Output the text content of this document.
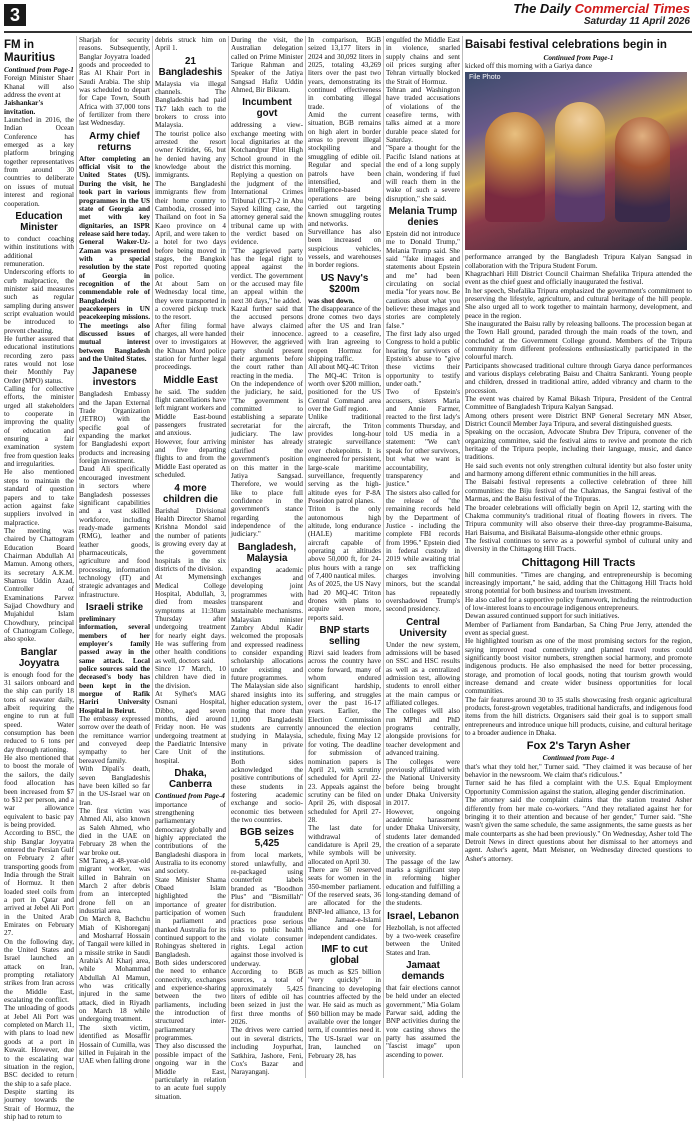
3	The Daily Commercial Times
Saturday 11 April 2026
FM in Mauritius

Continued from Page-1

Foreign Minister Shaer Khanal will also address the event at

Jaishankar's invitation.

Launched in 2016, the Indian Ocean Conference has emerged as a key platform bringing together representatives from around 30 countries to deliberate on issues of mutual interest and regional cooperation.

Education Minister

to conduct coaching within institutions with additional remuneration. Underscoring efforts to curb malpractice, the minister said measures such as regular sampling during answer script evaluation would be introduced to prevent cheating.

He further assured that educational institutions recording zero pass rates would not lose their Monthly Pay Order (MPO) status.

Calling for collective efforts, the minister urged all stakeholders to cooperate in improving the quality of education and ensuring a fair examination system free from question leaks and irregularities.

He also mentioned steps to maintain the standard of question papers and to take action against fake suppliers involved in malpractice.

The meeting was chaired by Chattogram Education Board Chairman Abdullah Al Mamun. Among others, its secretary A.K.M. Shamsu Uddin Azad, Controller of Examinations Parvez Sajjad Chowdhury and Mujahidul Islam Chowdhury, principal of Chattogram College, also spoke.

Banglar Joyyatra

is enough food for the 31 sailors onboard and the ship can purify 18 tons of seawater daily, albeit requiring the engine to run at full speed. Water consumption has been reduced to 6 tons per day through rationing.

He also mentioned that to boost the morale of the sailors, the daily food allocation has been increased from $7 to $12 per person, and a war allowance equivalent to basic pay is being provided.

According to BSC, the ship Banglar Joyyatra entered the Persian Gulf on February 2 after transporting goods from India through the Strait of Hormuz. It then loaded steel coils from a port in Qatar and arrived at Jebel Ali Port in the United Arab Emirates on February 27.

On the following day, the United States and Israel launched an attack on Iran, prompting retaliatory strikes from Iran across the Middle East, escalating the conflict.

The unloading of goods at Jebel Ali Port was completed on March 11, with plans to load new goods at a port in Kuwait. However, due to the escalating war situation in the region, BSC decided to return the ship to a safe place.

Despite starting its journey towards the Strait of Hormuz, the ship had to return to

Sharjah for security reasons. Subsequently, Banglar Joyyatra loaded goods and proceeded to Ras Al Khair Port in Saudi Arabia. The ship was scheduled to depart for Cape Town, South Africa with 37,000 tons of fertilizer from there last Wednesday.

Army chief returns

After completing an official visit to the United States (US). During the visit, he took part in various programmes in the US state of Georgia and met with key dignitaries, an ISPR release said here today. General Waker-Uz-Zaman was presented with a special resolution by the state of Georgia in recognition of the commendable role of Bangladeshi peacekeepers in UN peacekeeping missions. The meetings also discussed issues of mutual interest between Bangladesh and the United States.

Japanese investors

Bangladesh Embassy and the Japan External Trade Organization (JETRO) with the specific goal of expanding the market for Bangladeshi export products and increasing foreign investment.

Daud Ali specifically encouraged investment in sectors where Bangladesh possesses significant capabilities and a vast skilled workforce, including ready-made garments (RMG), leather and leather goods, pharmaceuticals, agriculture and food processing, information technology (IT) and strategic advantages and infrastructure.

Israeli strike

preliminary information, several members of her employer's family passed away in the same attack. Local police sources said the deceased's body has been kept in the morgue of Rafik Hariri University Hospital in Beirut.

The embassy expressed sorrow over the death of the remittance warrior and conveyed deep sympathy to her bereaved family.

With Dipali's death, seven Bangladeshis have been killed so far in the US-Israel war on Iran.

The first victim was Ahmed Ali, also known as Saleh Ahmed, who died in the UAE on February 28 when the war broke out.

SM Tareq, a 48-year-old migrant worker, was killed in Bahrain on March 2 after debris from an intercepted drone fell on an industrial area.

On March 8, Bachchu Miah of Kishoreganj and Mosharraf Hossain of Tangail were killed in a missile strike in Saudi Arabia's Al Kharj area, while Mohammad Abdullah Al Mamun, who was critically injured in the same attack, died in Riyadh on March 18 while undergoing treatment.

The sixth victim, identified as Mosaffir Hossain of Cumilla, was killed in Fujairah in the UAE when falling drone

debris struck him on April 1.

21 Bangladeshis

Malaysia via illegal channels. The Bangladeshis had paid Tk7 lakh each to the brokers to cross into Malaysia.

The tourist police also arrested the resort owner Kritidet, 66, but he denied having any knowledge about the immigrants.

The Bangladeshi immigrants flew from their home country to Cambodia, crossed into Thailand on foot in Sa Kaeo province on 4 April, and were taken to a hotel for two days before being moved in stages, the Bangkok Post reported quoting police.

At about 5am on Wednesday local time, they were transported in a covered pickup truck to the resort.

After filing formal charges, all were handed over to investigators at the Khuan Mord police station for further legal proceedings.

Middle East

he said. The sudden flight cancellations have left migrant workers and Middle East-bound passengers frustrated and anxious.

However, four arriving and five departing flights to and from the Middle East operated as scheduled.

4 more children die

Barishal Divisional Health Director Shamol Krishna Mondol said the number of patients is growing every day at the government hospitals in the six districts of the division.

At Mymensingh Medical College Hospital, Abdullah, 3, died from measles symptoms at 11:30am Thursday after undergoing treatment for nearly eight days. He was suffering from other health conditions as well, doctors said.

Since 17 March, 10 children have died in the division.

At Sylhet's MAG Osmani Hospital, Dibbo, aged seven months, died around Friday noon. He was undergoing treatment at the Paediatric Intensive Care Unit of the hospital.

Dhaka, Canberra

Continued from Page-4

importance of strengthening parliamentary democracy globally and highly appreciated the contributions of the Bangladeshi diaspora in Australia to its economy and society.

State Minister Shama Obaed Islam highlighted the importance of greater participation of women in parliament and thanked Australia for its continued support to the Rohingyas sheltered in Bangladesh.

Both sides underscored the need to enhance connectivity, exchanges and experience-sharing between the two parliaments, including the introduction of structured inter-parliamentary programmes.

They also discussed the possible impact of the ongoing war in the Middle East, particularly in relation to an acute fuel supply situation.

During the visit, the Australian delegation called on Prime Minister Tarique Rahman and Speaker of the Jatiya Sangsad Hafiz Uddin Ahmed, Bir Bikram.

Incumbent govt

addressing a view-exchange meeting with local dignitaries at the Kotchandpur Pilot High School ground in the district this morning.

Replying a question on the judgment of the International Crimes Tribunal (ICT)-2 in Abu Sayed killing case, the attorney general said the tribunal came up with the verdict based on evidence.

"The aggrieved party has the legal right to appeal against the verdict. The government or the accused may file an appeal within the next 30 days," he added.

Kazal further said that the accused persons have always claimed their innocence. However, the aggrieved party should present their arguments before the court rather than reacting in the media.

On the independence of the judiciary, he said, "The government is committed to establishing a separate secretariat for the judiciary. The law minister has already clarified the government's position on this matter in the Jatiya Sangsad. Therefore, we would like to place full confidence in the government's stance regarding the independence of the judiciary."

Bangladesh, Malaysia

expanding academic exchanges and developing joint programmes with transparent and sustainable mechanisms. Malaysian minister Zambry Abdul Kadir welcomed the proposals and expressed readiness to consider expanding scholarship allocations under existing and future programmes.

The Malaysian side also shared insights into its higher education system, noting that more than 11,000 Bangladeshi students are currently studying in Malaysia, many in private institutions.

Both sides acknowledged the positive contributions of these students in fostering academic exchange and socio-economic ties between the two countries.

BGB seizes 5,425

from local markets, stored unlawfully, and re-packaged using counterfeit labels branded as "Boodhon Plus" and "Bismillah" for distribution.

Such fraudulent practices pose serious risks to public health and violate consumer rights. Legal action against those involved is underway.

According to BGB sources, a total of approximately 5,425 liters of edible oil has been seized in just the first three months of 2026.

The drives were carried out in several districts, including Joypurhat, Satkhira, Jashore, Feni, Cox's Bazar and Narayanganj.

In comparison, BGB seized 13,177 liters in 2024 and 30,092 liters in 2025, totaling 43,269 liters over the past two years, demonstrating its continued effectiveness in combating illegal trade.

Amid the current situation, BGB remains on high alert in border areas to prevent illegal stockpiling and smuggling of edible oil. Regular and special patrols have been intensified, and intelligence-based operations are being carried out targeting known smuggling routes and networks.

Surveillance has also been increased on suspicious vehicles, vessels, and warehouses in border regions.

US Navy's $200m

was shot down.

The disappearance of the drone comes two days after the US and Iran agreed to a ceasefire, with Iran agreeing to reopen Hormuz for shipping traffic.

All about MQ-4C Triton

The MQ-4C Triton is worth over $200 million, positioned for the US Central Command area over the Gulf region.

Unlike traditional aircraft, the Triton provides long-hour strategic surveillance over chokepoints. It is engineered for persistent, large-scale maritime surveillance, frequently serving as the high-altitude eyes for P-8A Poseidon patrol planes.

Triton is the only autonomous high altitude, long endurance (HALE) maritime aircraft capable of operating at altitudes above 50,000 ft, for 24-plus hours with a range of 7,400 nautical miles.

As of 2025, the US Navy had 20 MQ-4C Triton drones with plans to acquire seven more, reports said.

BNP starts selling

Rizvi said leaders from across the country have come forward, many of whom endured significant hardship, suffering, and struggles over the past 16-17 years. Earlier, the Election Commission announced the election schedule, fixing May 12 for voting. The deadline for submission of nomination papers is April 21, with scrutiny scheduled for April 22-23. Appeals against the scrutiny can be filed on April 26, with disposal scheduled for April 27-28.

The last date for withdrawal of candidature is April 29, while symbols will be allocated on April 30.

There are 50 reserved seats for women in the 350-member parliament. Of the reserved seats, 36 are allocated for the BNP-led alliance, 13 for the Jamaat-e-Islami alliance and one for independent candidates.

IMF to cut global

as much as $25 billion "very quickly" in financing to developing countries affected by the war. He said as much as $60 billion may be made available over the longer term, if countries need it. The US-Israel war on Iran, launched on February 28, has

engulfed the Middle East in violence, snarled supply chains and sent oil prices surging after Tehran virtually blocked the Strait of Hormuz.

Tehran and Washington have traded accusations of violations of the ceasefire terms, with talks aimed at a more durable peace slated for Saturday.

"Spare a thought for the Pacific Island nations at the end of a long supply chain, wondering if fuel will reach them in the wake of such a severe disruption," she said.

Melania Trump denies

Epstein did not introduce me to Donald Trump," Melania Trump said. She said "fake images and statements about Epstein and me" had been circulating on social media "for years now. Be cautious about what you believe: these images and stories are completely false."

The first lady also urged Congress to hold a public hearing for survivors of Epstein's abuse to "give these victims their opportunity to testify under oath."

Two of Epstein's accusers, sisters Maria and Annie Farmer, reacted to the first lady's comments Thursday, and told US media in a statement: "We can't speak for other survivors, but what we want is accountability, transparency and justice."

The sisters also called for the release of "the remaining records held by the Department of Justice - including the complete FBI records from 1996." Epstein died in federal custody in 2019 while awaiting trial on sex trafficking charges involving minors, but the scandal has repeatedly overshadowed Trump's second presidency.

Central University

Under the new system, admissions will be based on SSC and HSC results as well as a centralized admission test, allowing students to enroll either at the main campus or affiliated colleges.

The colleges will also run MPhil and PhD programs centrally, alongside provisions for teacher development and advanced training.

The colleges were previously affiliated with the National University before being brought under Dhaka University in 2017.

However, ongoing academic harassment under Dhaka University, students later demanded the creation of a separate university.

The passage of the law marks a significant step in reforming higher education and fulfilling a long-standing demand of the students.

Israel, Lebanon

Hezbollah, is not affected by a two-week ceasefire between the United States and Iran.

Jamaat demands

that fair elections cannot be held under an elected government," Mia Golam Parwar said, adding the BNP activities during the vote casting shows the party has assumed the "fascist image" upon ascending to power.

Baisabi festival celebrations begin in

Continued from Page-1

kicked off this morning with a Gariya dance

File Photo

performance arranged by the Bangladesh Tripura Kalyan Sangsad in collaboration with the Tripura Student Forum.

Khagrachhari Hill District Council Chairman Shefalika Tripura attended the event as the chief guest and officially inaugurated the festival.

In her speech, Shefalika Tripura emphasized the government's commitment to preserving the lifestyle, agriculture, and cultural heritage of the hill people. She also urged all to work together to maintain harmony, development, and peace in the region.

She inaugurated the Baisu rally by releasing balloons. The procession began at the Town Hall ground, paraded through the main roads of the town, and concluded at the Government College ground. Members of the Tripura community from different professions enthusiastically participated in the colourful march.

Participants showcased traditional culture through Garya dance performances and various displays celebrating Baisu and Chaitra Sankranti. Young people and children, dressed in traditional attire, added vibrancy and charm to the procession.

The event was chaired by Kamal Bikash Tripura, President of the Central Committee of Bangladesh Tripura Kalyan Sangsad.

Among others present were District BNP General Secretary MN Abser, District Council Member Jaya Tripura, and several distinguished guests.

Speaking on the occasion, Advocate Shubra Dev Tripura, convener of the organizing committee, said the festival aims to revive and promote the rich heritage of the Tripura people, including their language, music, and dance traditions.

He said such events not only strengthen cultural identity but also foster unity and harmony among different ethnic communities in the hill areas.

The Baisabi festival represents a collective celebration of three hill communities: the Biju festival of the Chakmas, the Sangrai festival of the Marmas, and the Baisu festival of the Tripuras.

The broader celebrations will officially begin on April 12, starting with the Chakma community's traditional ritual of floating flowers in rivers. The Tripura community will also observe their three-day programme-Baisuma, Hari Baisuma, and Bisikatal Baisuma-alongside other ethnic groups.

The festival continues to serve as a powerful symbol of cultural unity and diversity in the Chittagong Hill Tracts.

Chittagong Hill Tracts

hill communities. "Times are changing, and entrepreneurship is becoming increasingly important," he said, adding that the Chittagong Hill Tracts hold strong potential for both business and tourism investment.

He also called for a supportive policy framework, including the reintroduction of low-interest loans to encourage indigenous entrepreneurs.

Dewan assured continued support for such initiatives.

Member of Parliament from Bandarban, Sa Ching Prue Jerry, attended the event as special guest.

He highlighted tourism as one of the most promising sectors for the region, saying improved road connectivity and planned travel routes could significantly boost visitor numbers, strengthen social harmony, and promote indigenous products. He also emphasised the need for better processing, storage, and promotion of local goods, noting that tourism growth would increase demand and create wider business opportunities for local communities.

The fair features around 30 to 35 stalls showcasing fresh organic agricultural products, forest-grown vegetables, traditional handicrafts, and indigenous food items from the hill districts. Organisers said their goal is to support small entrepreneurs and introduce unique hill products, cuisine, and cultural heritage to a broader audience in Dhaka.

Fox 2's Taryn Asher

Continued from Page- 4

that's what they told her," Turner said. "They claimed it was because of her behavior in the newsroom. We claim that's ridiculous."

Turner said he has filed a complaint with the U.S. Equal Employment Opportunity Commission against the station, alleging gender discrimination.

The attorney said the complaint claims that the station treated Asher differently from her male co-workers. "And they retaliated against her for bringing it to their attention and because of her gender," Turner said. "She wasn't given the same schedule, the same assignments, the same guests as her male counterparts as she had been previously." On Wednesday, Asher told The Detroit News in direct questions about her dismissal to her attorneys and agent. Asher's agent, Matt Meisner, on Wednesday directed questions to Asher's attorney.
